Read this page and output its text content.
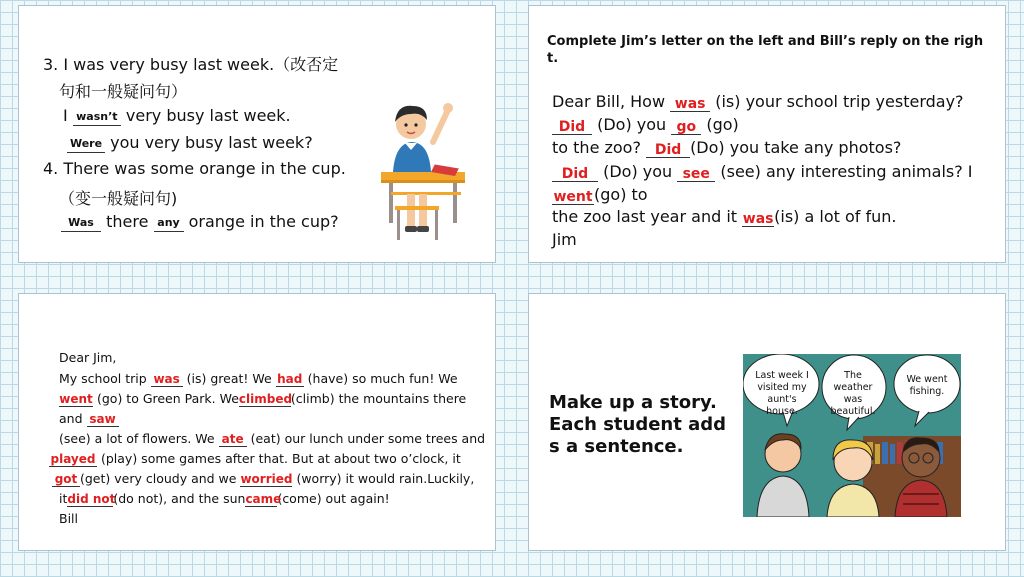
3. I was very busy last week.（改否定
句和一般疑问句）
I wasn’t very busy last week.

Were you very busy last week?
4. There was some orange in the cup.
（变一般疑问句)

Was there any orange in the cup?
Complete Jim’s letter on the left and Bill’s reply on the right.
Dear Bill, How was (is) your school trip yesterday?

Did (Do) you go (go)
to the zoo? Did (Do) you take any photos?

Did (Do) you see (see) any interesting animals? I

went (go) to
the zoo last year and it was (is) a lot of fun.
Jim
Dear Jim,
My school trip was (is) great! We had (have) so much fun! We

went (go) to Green Park. We climbed
(climb) the mountains there
and saw
(see) a lot of flowers. We ate (eat) our lunch under some trees and

played (play) some games after that. But at about two o’clock, it

got (get) very cloudy and we worried (worry) it would rain.Luckily,
it did not
(do not), and the sun came
(come) out again!
Bill
Make up a story. Each student add s a sentence.
Last week I visited my aunt's house.
The weather was beautiful.
We went fishing.
